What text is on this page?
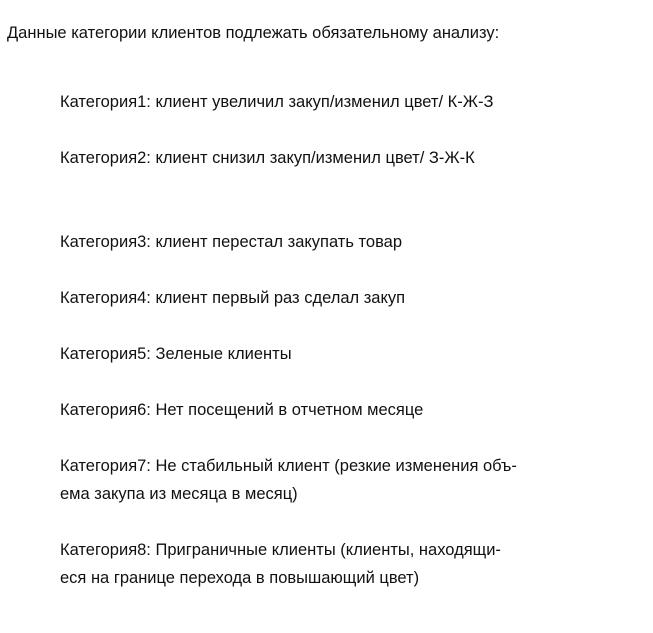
Данные категории клиентов подлежать обязательному анализу:
Категория1: клиент увеличил закуп/изменил цвет/ К-Ж-З
Категория2: клиент снизил закуп/изменил цвет/ З-Ж-К
Категория3: клиент перестал закупать товар
Категория4: клиент первый раз сделал закуп
Категория5: Зеленые клиенты
Категория6: Нет посещений в отчетном месяце
Категория7: Не стабильный клиент (резкие изменения объ-
ема закупа из месяца в месяц)
Категория8: Приграничные клиенты (клиенты, находящи-
еся на границе перехода в повышающий цвет)
